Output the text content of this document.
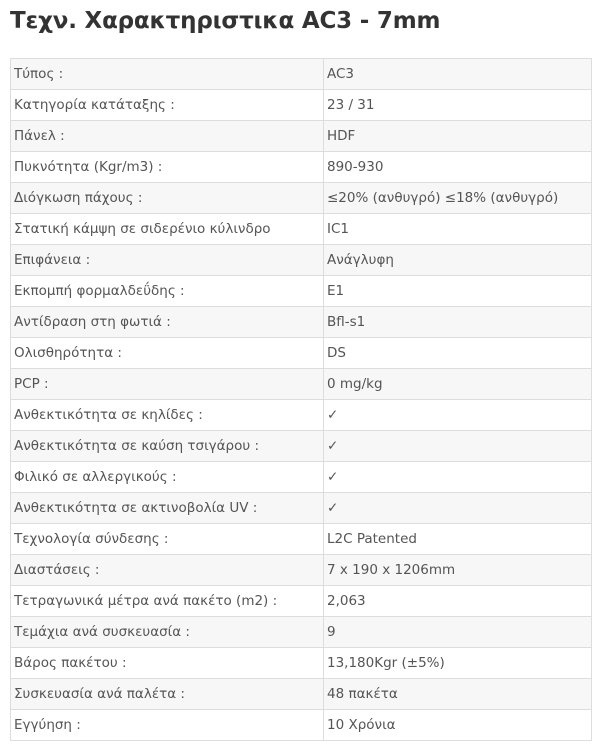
Τεχν. Χαρακτηριστικα AC3 - 7mm
Τύπος :	AC3
Κατηγορία κατάταξης :	23 / 31
Πάνελ :	HDF
Πυκνότητα (Kgr/m3) :	890-930
Διόγκωση πάχους :	≤20% (ανθυγρό) ≤18% (ανθυγρό)
Στατική κάμψη σε σιδερένιο κύλινδρο	IC1
Επιφάνεια :	Ανάγλυφη
Εκπομπή φορμαλδεΰδης :	E1
Αντίδραση στη φωτιά :	Bfl-s1
Ολισθηρότητα :	DS
PCP :	0 mg/kg
Ανθεκτικότητα σε κηλίδες :	✓
Ανθεκτικότητα σε καύση τσιγάρου :	✓
Φιλικό σε αλλεργικούς :	✓
Ανθεκτικότητα σε ακτινοβολία UV :	✓
Τεχνολογία σύνδεσης :	L2C Patented
Διαστάσεις :	7 x 190 x 1206mm
Τετραγωνικά μέτρα ανά πακέτο (m2) :	2,063
Τεμάχια ανά συσκευασία :	9
Βάρος πακέτου :	13,180Kgr (±5%)
Συσκευασία ανά παλέτα :	48 πακέτα
Εγγύηση :	10 Χρόνια
